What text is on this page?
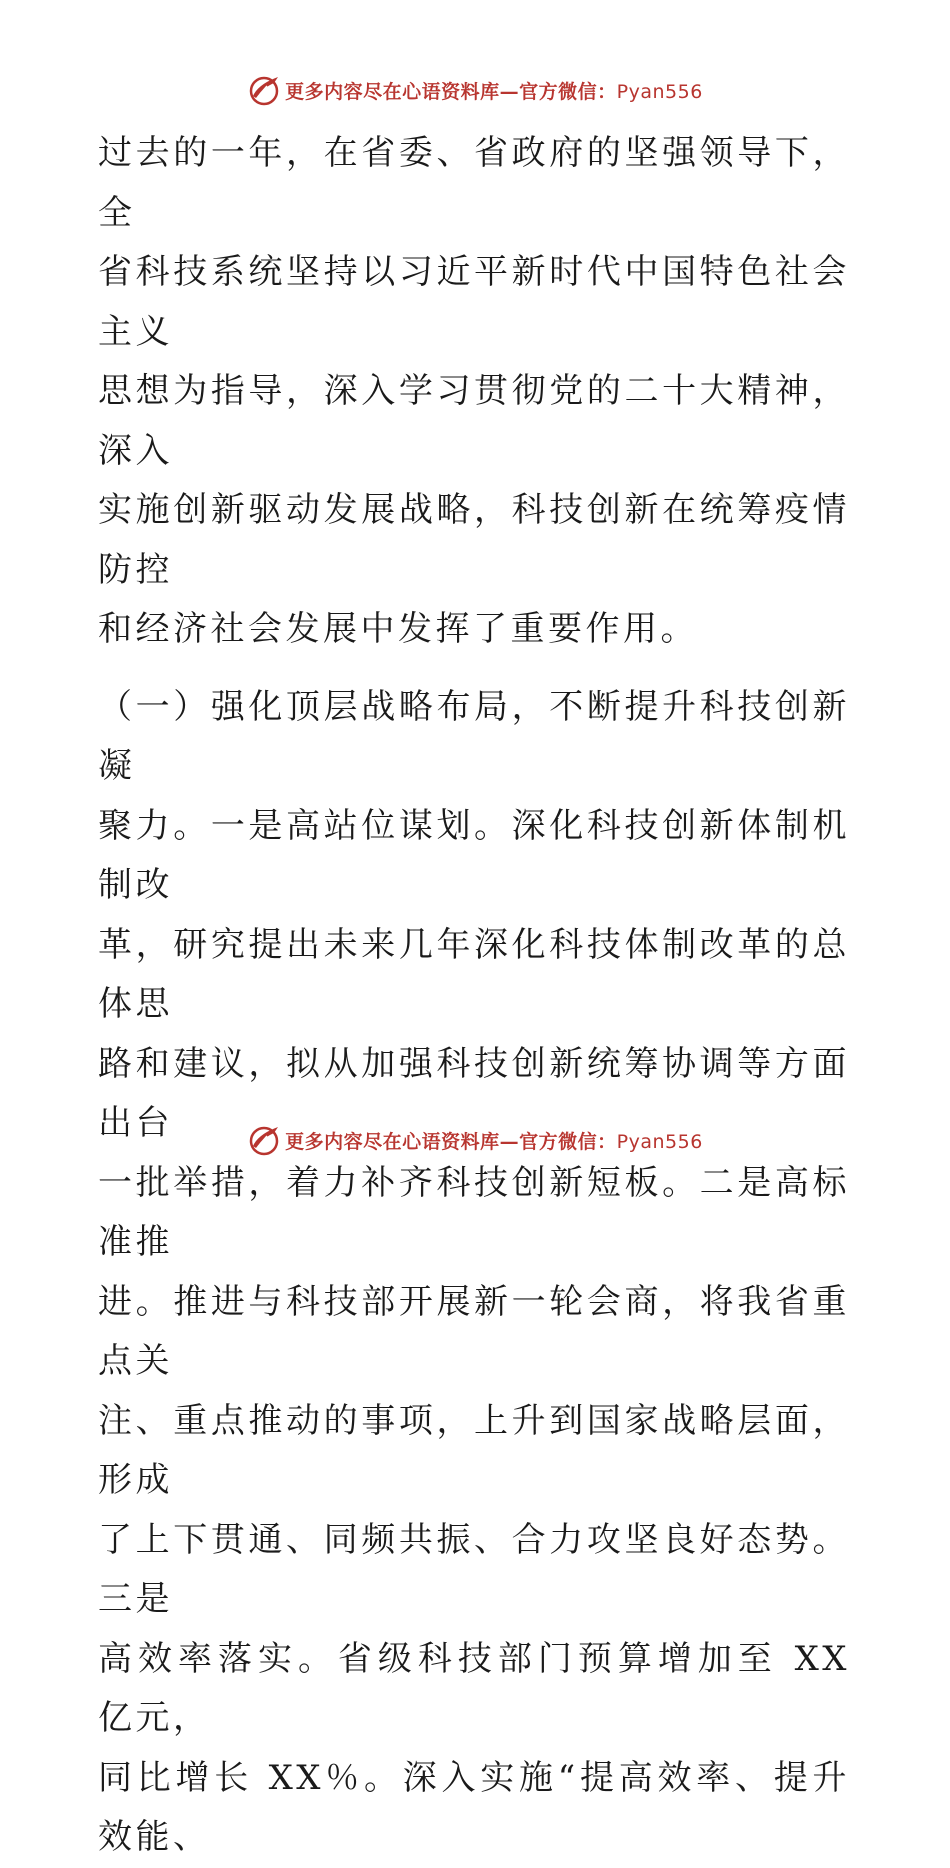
更多内容尽在心语资料库—官方微信：Pyan556

过去的一年，在省委、省政府的坚强领导下，全
省科技系统坚持以习近平新时代中国特色社会主义
思想为指导，深入学习贯彻党的二十大精神，深入
实施创新驱动发展战略，科技创新在统筹疫情防控
和经济社会发展中发挥了重要作用。

（一）强化顶层战略布局，不断提升科技创新凝
聚力。一是高站位谋划。深化科技创新体制机制改
革，研究提出未来几年深化科技体制改革的总体思
路和建议，拟从加强科技创新统筹协调等方面出台
一批举措，着力补齐科技创新短板。二是高标准推
进。推进与科技部开展新一轮会商，将我省重点关
注、重点推动的事项，上升到国家战略层面，形成
了上下贯通、同频共振、合力攻坚良好态势。三是
高效率落实。省级科技部门预算增加至 XX 亿元，
同比增长 XX％。深入实施“提高效率、提升效能、

更多内容尽在心语资料库—官方微信：Pyan556
